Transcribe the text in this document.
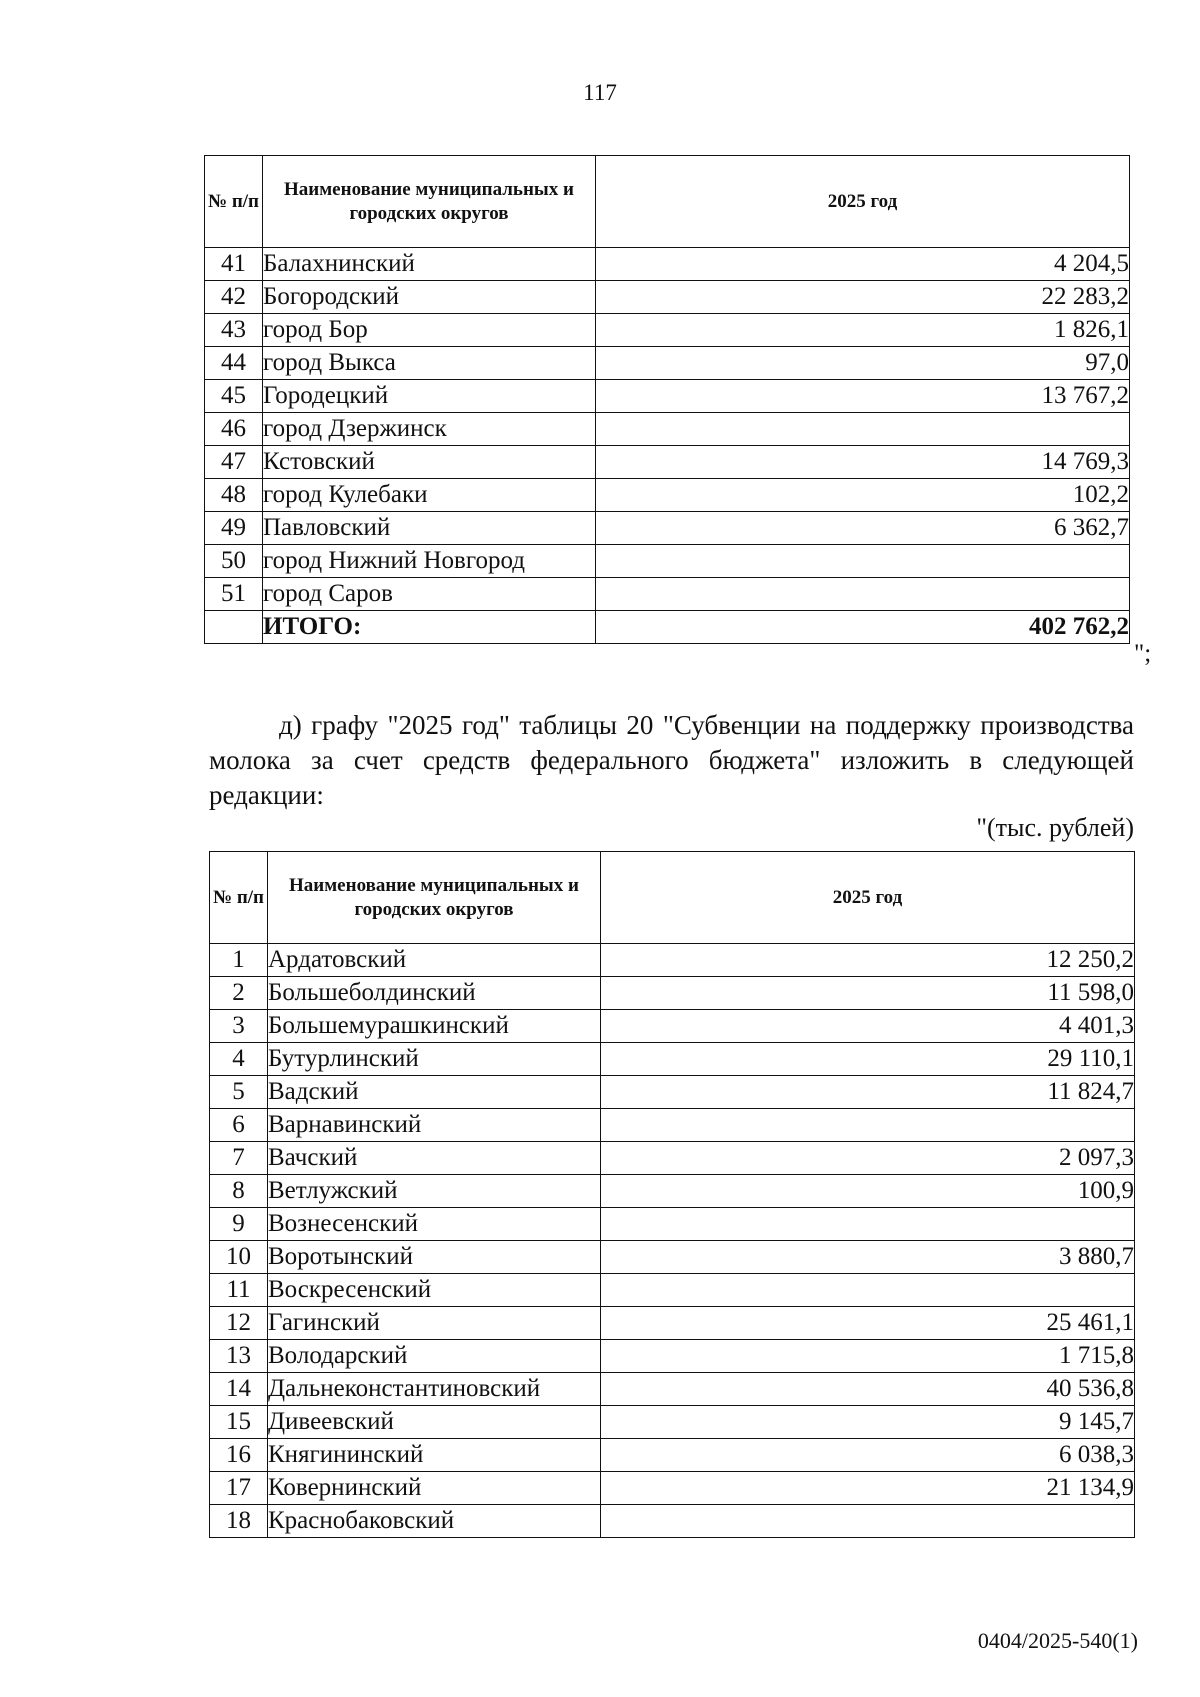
117
№ п/п	Наименование муниципальных и городских округов	2025 год
41	Балахнинский	4 204,5
42	Богородский	22 283,2
43	город Бор	1 826,1
44	город Выкса	97,0
45	Городецкий	13 767,2
46	город Дзержинск	
47	Кстовский	14 769,3
48	город Кулебаки	102,2
49	Павловский	6 362,7
50	город Нижний Новгород	
51	город Саров	
	ИТОГО:	402 762,2
";
д) графу "2025 год" таблицы 20 "Субвенции на поддержку производства молока за счет средств федерального бюджета" изложить в следующей редакции:
"(тыс. рублей)
№ п/п	Наименование муниципальных и городских округов	2025 год
1	Ардатовский	12 250,2
2	Большеболдинский	11 598,0
3	Большемурашкинский	4 401,3
4	Бутурлинский	29 110,1
5	Вадский	11 824,7
6	Варнавинский	
7	Вачский	2 097,3
8	Ветлужский	100,9
9	Вознесенский	
10	Воротынский	3 880,7
11	Воскресенский	
12	Гагинский	25 461,1
13	Володарский	1 715,8
14	Дальнеконстантиновский	40 536,8
15	Дивеевский	9 145,7
16	Княгининский	6 038,3
17	Ковернинский	21 134,9
18	Краснобаковский	
0404/2025-540(1)
